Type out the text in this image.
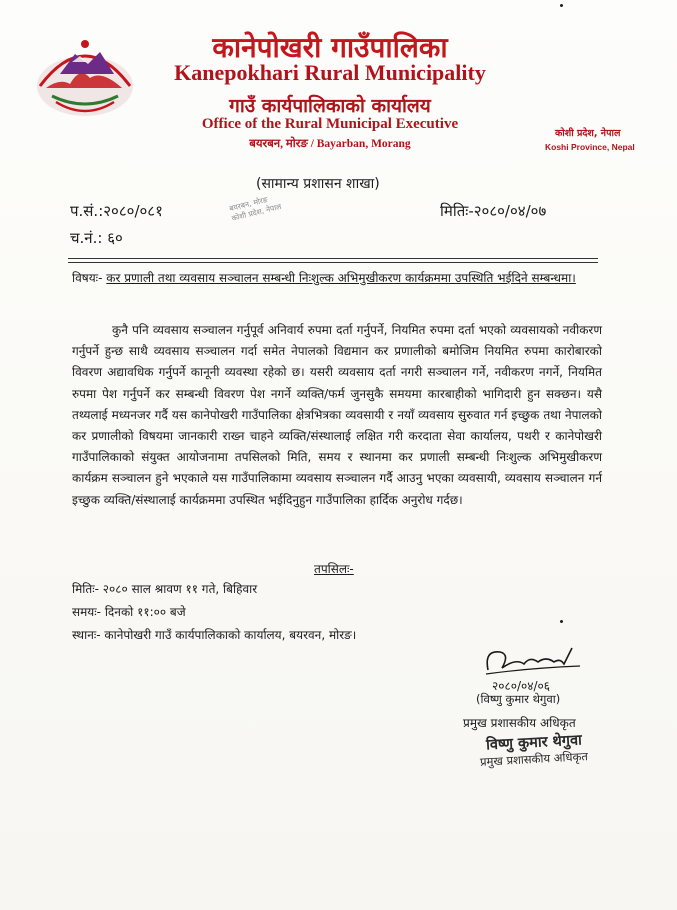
कानेपोखरी गाउँपालिका
Kanepokhari Rural Municipality
गाउँ कार्यपालिकाको कार्यालय
Office of the Rural Municipal Executive
बयरबन, मोरङ / Bayarban, Morang
कोशी प्रदेश, नेपाल
Koshi Province, Nepal
(सामान्य प्रशासन शाखा)
प.सं.:२०८०/०८१
च.नं.: ६०
मितिः-२०८०/०४/०७
बयरबन, मोरङ
कोशी प्रदेश, नेपाल
विषयः- कर प्रणाली तथा व्यवसाय सञ्चालन सम्बन्धी निःशुल्क अभिमुखीकरण कार्यक्रममा उपस्थिति भईदिने सम्बन्धमा।
कुनै पनि व्यवसाय सञ्चालन गर्नुपूर्व अनिवार्य रुपमा दर्ता गर्नुपर्ने, नियमित रुपमा दर्ता भएको व्यवसायको नवीकरण गर्नुपर्ने हुन्छ साथै व्यवसाय सञ्चालन गर्दा समेत नेपालको विद्यमान कर प्रणालीको बमोजिम नियमित रुपमा कारोबारको विवरण अद्यावधिक गर्नुपर्ने कानूनी व्यवस्था रहेको छ। यसरी व्यवसाय दर्ता नगरी सञ्चालन गर्ने, नवीकरण नगर्ने, नियमित रुपमा पेश गर्नुपर्ने कर सम्बन्धी विवरण पेश नगर्ने व्यक्ति/फर्म जुनसुकै समयमा कारबाहीको भागिदारी हुन सक्छन। यसै तथ्यलाई मध्यनजर गर्दै यस कानेपोखरी गाउँपालिका क्षेत्रभित्रका व्यवसायी र नयाँ व्यवसाय सुरुवात गर्न इच्छुक तथा नेपालको कर प्रणालीको विषयमा जानकारी राख्न चाहने व्यक्ति/संस्थालाई लक्षित गरी करदाता सेवा कार्यालय, पथरी र कानेपोखरी गाउँपालिकाको संयुक्त आयोजनामा तपसिलको मिति, समय र स्थानमा कर प्रणाली सम्बन्धी निःशुल्क अभिमुखीकरण कार्यक्रम सञ्चालन हुने भएकाले यस गाउँपालिकामा व्यवसाय सञ्चालन गर्दै आउनु भएका व्यवसायी, व्यवसाय सञ्चालन गर्न इच्छुक व्यक्ति/संस्थालाई कार्यक्रममा उपस्थित भईदिनुहुन गाउँपालिका हार्दिक अनुरोध गर्दछ।
तपसिलः-
मितिः- २०८० साल श्रावण ११ गते, बिहिवार
समयः- दिनको ११:०० बजे
स्थानः- कानेपोखरी गाउँ कार्यपालिकाको कार्यालय, बयरवन, मोरङ।
२०८०/०४/०६
(विष्णु कुमार थेगुवा)
प्रमुख प्रशासकीय अधिकृत
विष्णु कुमार थेगुवा
प्रमुख प्रशासकीय अधिकृत
